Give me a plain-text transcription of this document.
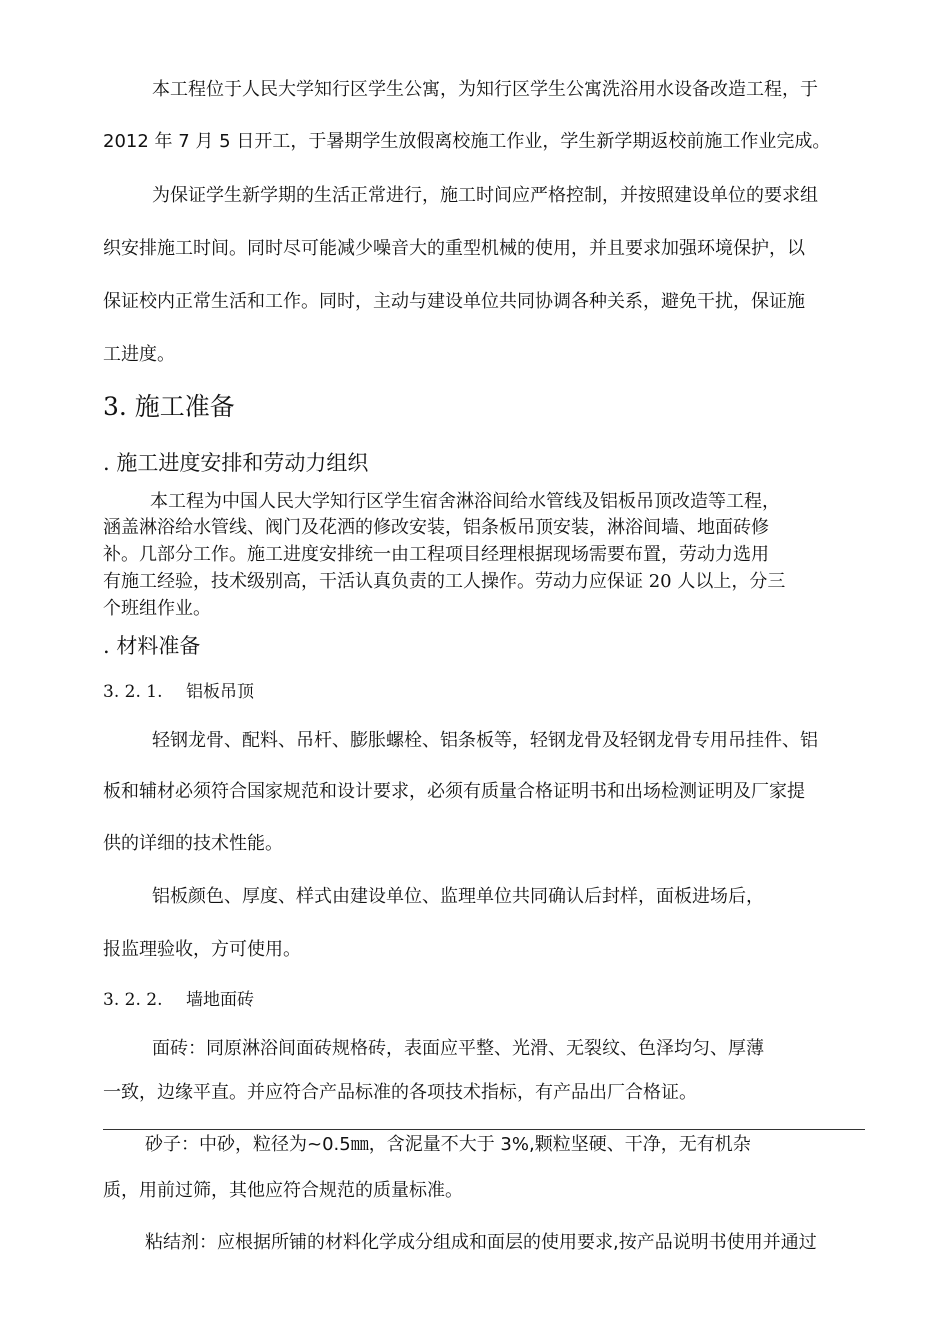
本工程位于人民大学知行区学生公寓，为知行区学生公寓洗浴用水设备改造工程，于
2012 年 7 月 5 日开工，于暑期学生放假离校施工作业，学生新学期返校前施工作业完成。
为保证学生新学期的生活正常进行，施工时间应严格控制，并按照建设单位的要求组
织安排施工时间。同时尽可能减少噪音大的重型机械的使用，并且要求加强环境保护，以
保证校内正常生活和工作。同时，主动与建设单位共同协调各种关系，避免干扰，保证施
工进度。
3. 施工准备
. 施工进度安排和劳动力组织
本工程为中国人民大学知行区学生宿舍淋浴间给水管线及铝板吊顶改造等工程，
涵盖淋浴给水管线、阀门及花洒的修改安装，铝条板吊顶安装，淋浴间墙、地面砖修
补。几部分工作。施工进度安排统一由工程项目经理根据现场需要布置，劳动力选用
有施工经验，技术级别高，干活认真负责的工人操作。劳动力应保证 20 人以上，分三
个班组作业。
. 材料准备
3. 2. 1. 铝板吊顶
轻钢龙骨、配料、吊杆、膨胀螺栓、铝条板等，轻钢龙骨及轻钢龙骨专用吊挂件、铝
板和辅材必须符合国家规范和设计要求，必须有质量合格证明书和出场检测证明及厂家提
供的详细的技术性能。
铝板颜色、厚度、样式由建设单位、监理单位共同确认后封样，面板进场后，
报监理验收，方可使用。
3. 2. 2. 墙地面砖
面砖：同原淋浴间面砖规格砖，表面应平整、光滑、无裂纹、色泽均匀、厚薄
一致，边缘平直。并应符合产品标准的各项技术指标，有产品出厂合格证。
砂子：中砂，粒径为~0.5㎜，含泥量不大于 3%,颗粒坚硬、干净，无有机杂
质，用前过筛，其他应符合规范的质量标准。
粘结剂：应根据所铺的材料化学成分组成和面层的使用要求,按产品说明书使用并通过
